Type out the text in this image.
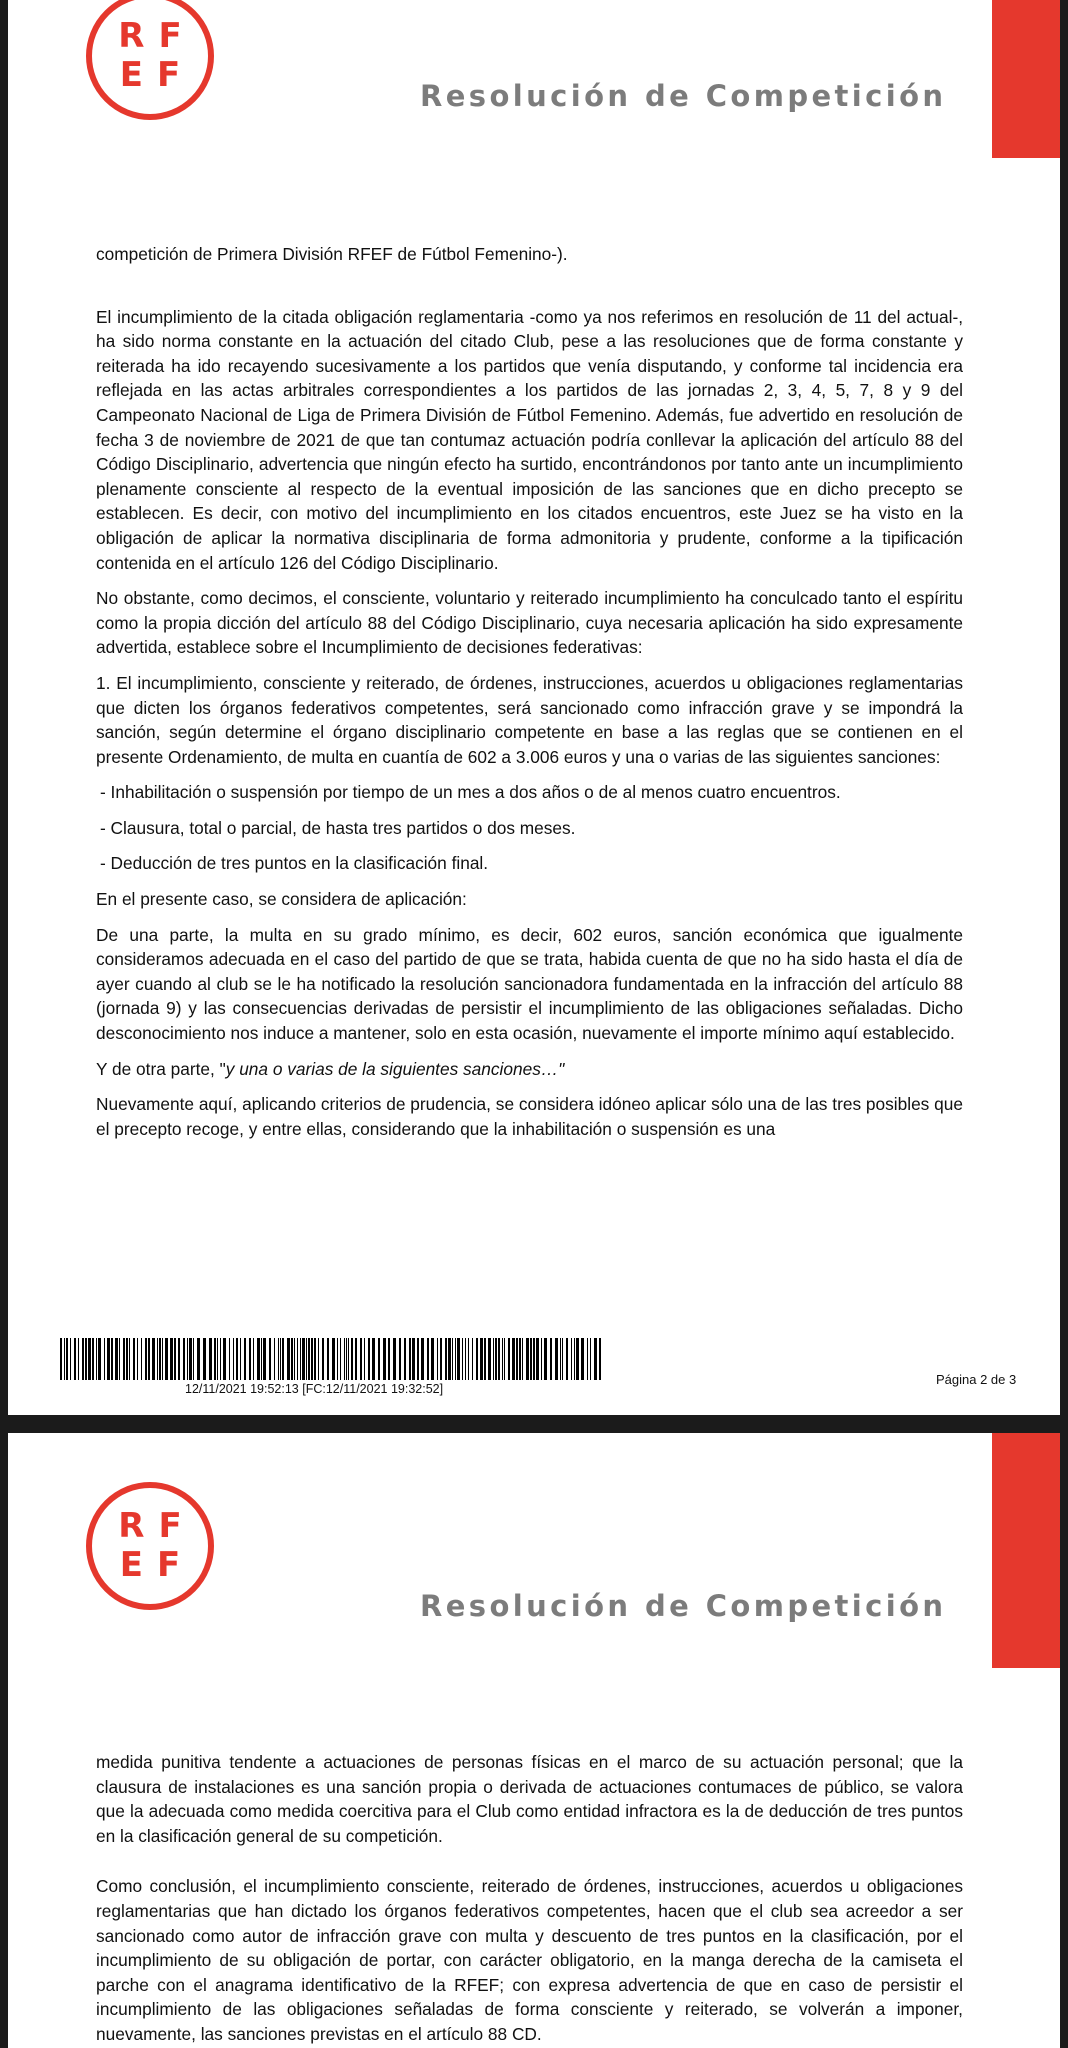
RF
EF
Resolución de Competición

competición de Primera División RFEF de Fútbol Femenino-).

El incumplimiento de la citada obligación reglamentaria -como ya nos referimos en resolución de 11 del actual-, ha sido norma constante en la actuación del citado Club, pese a las resoluciones que de forma constante y reiterada ha ido recayendo sucesivamente a los partidos que venía disputando, y conforme tal incidencia era reflejada en las actas arbitrales correspondientes a los partidos de las jornadas 2, 3, 4, 5, 7, 8 y 9 del Campeonato Nacional de Liga de Primera División de Fútbol Femenino. Además, fue advertido en resolución de fecha 3 de noviembre de 2021 de que tan contumaz actuación podría conllevar la aplicación del artículo 88 del Código Disciplinario, advertencia que ningún efecto ha surtido, encontrándonos por tanto ante un incumplimiento plenamente consciente al respecto de la eventual imposición de las sanciones que en dicho precepto se establecen. Es decir, con motivo del incumplimiento en los citados encuentros, este Juez se ha visto en la obligación de aplicar la normativa disciplinaria de forma admonitoria y prudente, conforme a la tipificación contenida en el artículo 126 del Código Disciplinario.

No obstante, como decimos, el consciente, voluntario y reiterado incumplimiento ha conculcado tanto el espíritu como la propia dicción del artículo 88 del Código Disciplinario, cuya necesaria aplicación ha sido expresamente advertida, establece sobre el Incumplimiento de decisiones federativas:

1. El incumplimiento, consciente y reiterado, de órdenes, instrucciones, acuerdos u obligaciones reglamentarias que dicten los órganos federativos competentes, será sancionado como infracción grave y se impondrá la sanción, según determine el órgano disciplinario competente en base a las reglas que se contienen en el presente Ordenamiento, de multa en cuantía de 602 a 3.006 euros y una o varias de las siguientes sanciones:

- Inhabilitación o suspensión por tiempo de un mes a dos años o de al menos cuatro encuentros.

- Clausura, total o parcial, de hasta tres partidos o dos meses.

- Deducción de tres puntos en la clasificación final.

En el presente caso, se considera de aplicación:

De una parte, la multa en su grado mínimo, es decir, 602 euros, sanción económica que igualmente consideramos adecuada en el caso del partido de que se trata, habida cuenta de que no ha sido hasta el día de ayer cuando al club se le ha notificado la resolución sancionadora fundamentada en la infracción del artículo 88 (jornada 9) y las consecuencias derivadas de persistir el incumplimiento de las obligaciones señaladas. Dicho desconocimiento nos induce a mantener, solo en esta ocasión, nuevamente el importe mínimo aquí establecido.

Y de otra parte, "y una o varias de la siguientes sanciones…"

Nuevamente aquí, aplicando criterios de prudencia, se considera idóneo aplicar sólo una de las tres posibles que el precepto recoge, y entre ellas, considerando que la inhabilitación o suspensión es una

12/11/2021 19:52:13 [FC:12/11/2021 19:32:52]
Página 2 de 3
RF
EF
Resolución de Competición

medida punitiva tendente a actuaciones de personas físicas en el marco de su actuación personal; que la clausura de instalaciones es una sanción propia o derivada de actuaciones contumaces de público, se valora que la adecuada como medida coercitiva para el Club como entidad infractora es la de deducción de tres puntos en la clasificación general de su competición.

Como conclusión, el incumplimiento consciente, reiterado de órdenes, instrucciones, acuerdos u obligaciones reglamentarias que han dictado los órganos federativos competentes, hacen que el club sea acreedor a ser sancionado como autor de infracción grave con multa y descuento de tres puntos en la clasificación, por el incumplimiento de su obligación de portar, con carácter obligatorio, en la manga derecha de la camiseta el parche con el anagrama identificativo de la RFEF; con expresa advertencia de que en caso de persistir el incumplimiento de las obligaciones señaladas de forma consciente y reiterado, se volverán a imponer, nuevamente, las sanciones previstas en el artículo 88 CD.
